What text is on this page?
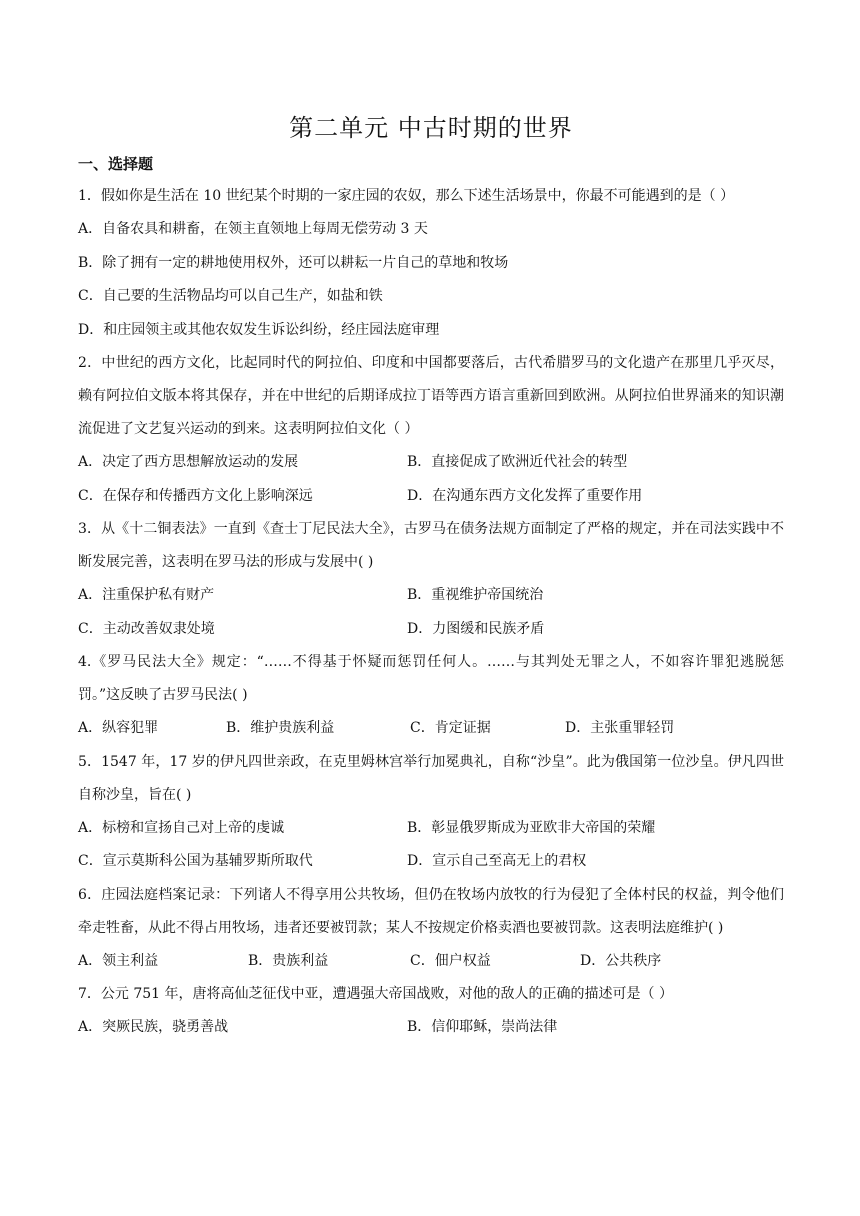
第二单元 中古时期的世界
一、选择题

1．假如你是生活在 10 世纪某个时期的一家庄园的农奴，那么下述生活场景中，你最不可能遇到的是（ ）

A．自备农具和耕畜，在领主直领地上每周无偿劳动 3 天

B．除了拥有一定的耕地使用权外，还可以耕耘一片自己的草地和牧场

C．自己要的生活物品均可以自己生产，如盐和铁

D．和庄园领主或其他农奴发生诉讼纠纷，经庄园法庭审理

2．中世纪的西方文化，比起同时代的阿拉伯、印度和中国都要落后，古代希腊罗马的文化遗产在那里几乎灭尽，赖有阿拉伯文版本将其保存，并在中世纪的后期译成拉丁语等西方语言重新回到欧洲。从阿拉伯世界涌来的知识潮流促进了文艺复兴运动的到来。这表明阿拉伯文化（ ）

A．决定了西方思想解放运动的发展	B．直接促成了欧洲近代社会的转型
C．在保存和传播西方文化上影响深远	D．在沟通东西方文化发挥了重要作用

3．从《十二铜表法》一直到《查士丁尼民法大全》，古罗马在债务法规方面制定了严格的规定，并在司法实践中不断发展完善，这表明在罗马法的形成与发展中( )

A．注重保护私有财产	B．重视维护帝国统治
C．主动改善奴隶处境	D．力图缓和民族矛盾

4.《罗马民法大全》规定：“……不得基于怀疑而惩罚任何人。……与其判处无罪之人，不如容许罪犯逃脱惩罚。”这反映了古罗马民法( )

A．纵容犯罪	B．维护贵族利益	C．肯定证据	D．主张重罪轻罚

5．1547 年，17 岁的伊凡四世亲政，在克里姆林宫举行加冕典礼，自称“沙皇”。此为俄国第一位沙皇。伊凡四世自称沙皇，旨在( )

A．标榜和宣扬自己对上帝的虔诚	B．彰显俄罗斯成为亚欧非大帝国的荣耀
C．宣示莫斯科公国为基辅罗斯所取代	D．宣示自己至高无上的君权

6．庄园法庭档案记录：下列诸人不得享用公共牧场，但仍在牧场内放牧的行为侵犯了全体村民的权益，判令他们牵走牲畜，从此不得占用牧场，违者还要被罚款；某人不按规定价格卖酒也要被罚款。这表明法庭维护( )

A．领主利益	B．贵族利益	C．佃户权益	D．公共秩序

7．公元 751 年，唐将高仙芝征伐中亚，遭遇强大帝国战败，对他的敌人的正确的描述可是（ ）

A．突厥民族，骁勇善战	B．信仰耶稣，崇尚法律
